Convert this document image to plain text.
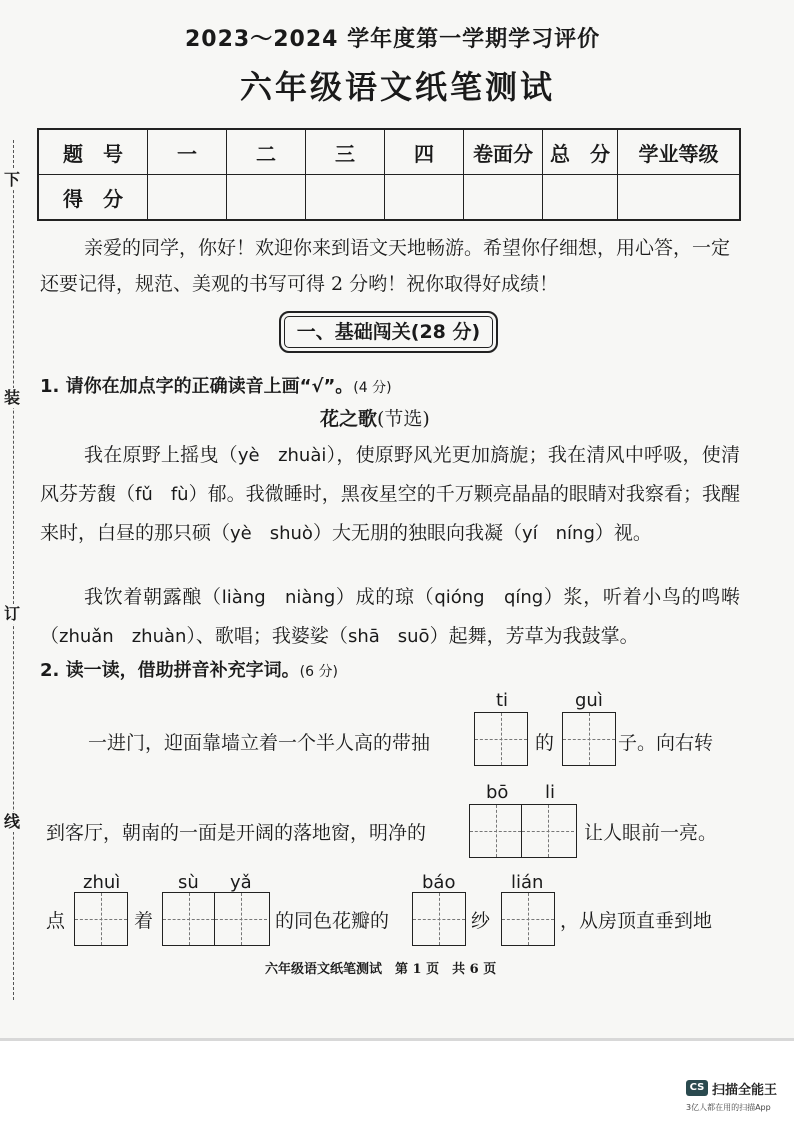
下
装
订
线
2023～2024 学年度第一学期学习评价
六年级语文纸笔测试
题　号	一	二	三	四	卷面分	总　分	学业等级
得　分							
亲爱的同学，你好！欢迎你来到语文天地畅游。希望你仔细想，用心答，一定还要记得，规范、美观的书写可得 2 分哟！祝你取得好成绩！
一、基础闯关(28 分)
1. 请你在加点字的正确读音上画“√”。(4 分)
花之歌(节选)
我在原野上摇曳（yè　zhuài），使原野风光更加旖旎；我在清风中呼吸，使清风芬芳馥（fǔ　fù）郁。我微睡时，黑夜星空的千万颗亮晶晶的眼睛对我察看；我醒来时，白昼的那只硕（yè　shuò）大无朋的独眼向我凝（yí　níng）视。
我饮着朝露酿（liàng　niàng）成的琼（qióng　qíng）浆，听着小鸟的鸣啭（zhuǎn　zhuàn）、歌唱；我婆娑（shā　suō）起舞，芳草为我鼓掌。
2. 读一读，借助拼音补充字词。(6 分)
ti	guì
一进门，迎面靠墙立着一个半人高的带抽	的	子。向右转
bō li
到客厅，朝南的一面是开阔的落地窗，明净的	让人眼前一亮。
zhuì	sù yǎ	báo	lián
点	着	的同色花瓣的	纱	，从房顶直垂到地
六年级语文纸笔测试　第 1 页　共 6 页
CS 扫描全能王
3亿人都在用的扫描App
